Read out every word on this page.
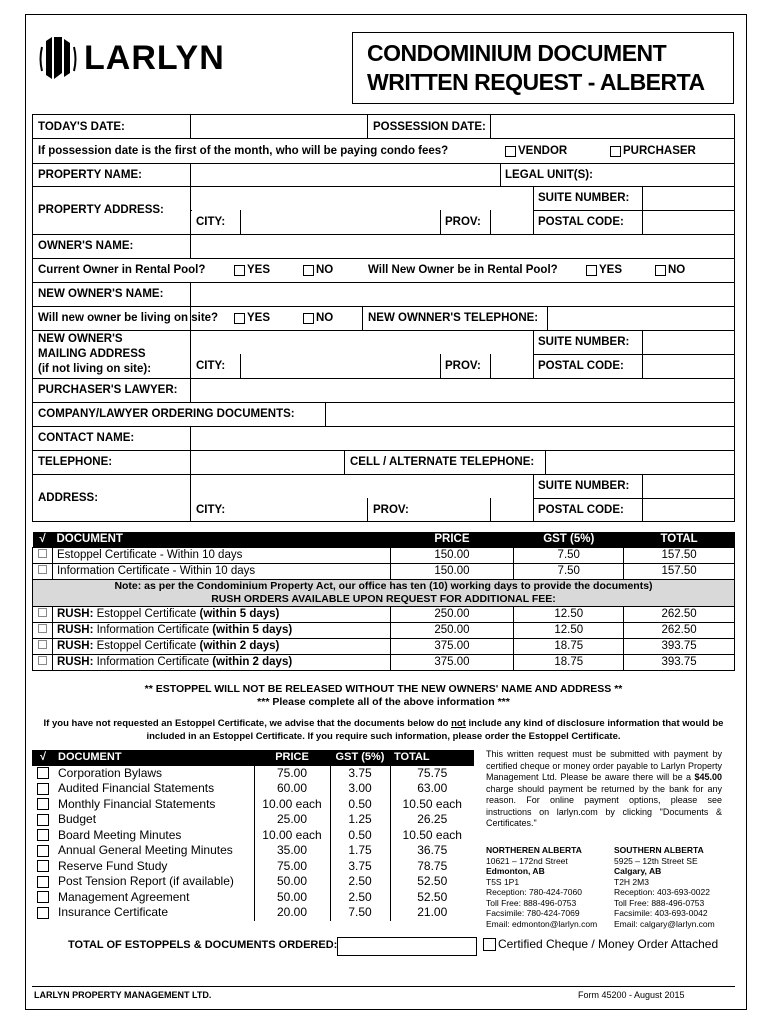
LARLYN	CONDOMINIUM DOCUMENT
WRITTEN REQUEST - ALBERTA
TODAY'S DATE:	POSSESSION DATE:
If possession date is the first of the month, who will be paying condo fees?	VENDOR	PURCHASER
PROPERTY NAME:	LEGAL UNIT(S):
PROPERTY ADDRESS:
SUITE NUMBER:
CITY:	PROV:	POSTAL CODE:
OWNER'S NAME:
Current Owner in Rental Pool?	YES	NO	Will New Owner be in Rental Pool?	YES	NO
NEW OWNER'S NAME:
Will new owner be living on site?	YES	NO	NEW OWNNER'S TELEPHONE:
NEW OWNER'S
MAILING ADDRESS
(if not living on site):
SUITE NUMBER:
CITY:	PROV:	POSTAL CODE:
PURCHASER'S LAWYER:
COMPANY/LAWYER ORDERING DOCUMENTS:
CONTACT NAME:
TELEPHONE:	CELL / ALTERNATE TELEPHONE:
ADDRESS:
SUITE NUMBER:
CITY:	PROV:	POSTAL CODE:
√	DOCUMENT	PRICE	GST (5%)	TOTAL
	Estoppel Certificate - Within 10 days	150.00	7.50	157.50
	Information Certificate - Within 10 days	150.00	7.50	157.50

Note: as per the Condominium Property Act, our office has ten (10) working days to provide the documents)
RUSH ORDERS AVAILABLE UPON REQUEST FOR ADDITIONAL FEE:				

	RUSH: Estoppel Certificate (within 5 days)	250.00	12.50	262.50
	RUSH: Information Certificate (within 5 days)	250.00	12.50	262.50
	RUSH: Estoppel Certificate (within 2 days)	375.00	18.75	393.75
	RUSH: Information Certificate (within 2 days)	375.00	18.75	393.75
** ESTOPPEL WILL NOT BE RELEASED WITHOUT THE NEW OWNERS' NAME AND ADDRESS **
*** Please complete all of the above information ***
If you have not requested an Estoppel Certificate, we advise that the documents below do not include any kind of disclosure information that would be
included in an Estoppel Certificate. If you require such information, please order the Estoppel Certificate.
√	DOCUMENT	PRICE	GST (5%)	TOTAL
	Corporation Bylaws	75.00	3.75	75.75
	Audited Financial Statements	60.00	3.00	63.00
	Monthly Financial Statements	10.00 each	0.50	10.50 each
	Budget	25.00	1.25	26.25
	Board Meeting Minutes	10.00 each	0.50	10.50 each
	Annual General Meeting Minutes	35.00	1.75	36.75
	Reserve Fund Study	75.00	3.75	78.75
	Post Tension Report (if available)	50.00	2.50	52.50
	Management Agreement	50.00	2.50	52.50
	Insurance Certificate	20.00	7.50	21.00
TOTAL OF ESTOPPELS & DOCUMENTS ORDERED:	Certified Cheque / Money Order Attached
This written request must be submitted with payment by certified cheque or money order payable to Larlyn Property Management Ltd. Please be aware there will be a $45.00 charge should payment be returned by the bank for any reason. For online payment options, please see instructions on larlyn.com by clicking "Documents & Certificates."
NORTHEREN ALBERTA
10621 – 172nd Street
Edmonton, AB
T5S 1P1
Reception: 780-424-7060
Toll Free: 888-496-0753
Facsimile: 780-424-7069
Email: edmonton@larlyn.com
SOUTHERN ALBERTA
5925 – 12th Street SE
Calgary, AB
T2H 2M3
Reception: 403-693-0022
Toll Free: 888-496-0753
Facsimile: 403-693-0042
Email: calgary@larlyn.com
LARLYN PROPERTY MANAGEMENT LTD.	Form 45200 - August 2015
